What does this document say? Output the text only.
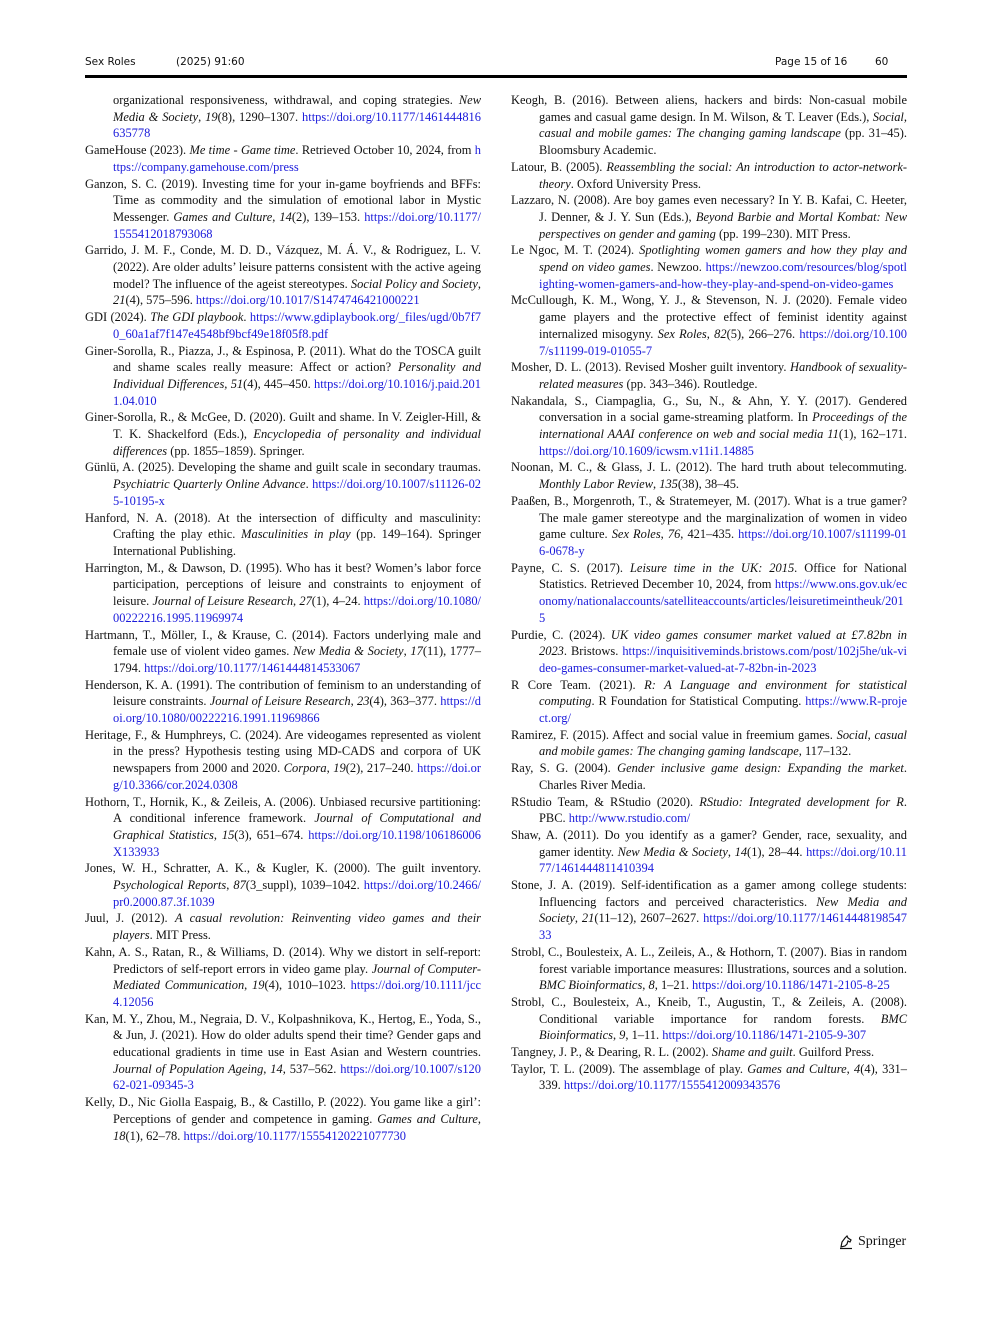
Sex Roles	(2025) 91:60	Page 15 of 16	60

organizational responsiveness, withdrawal, and coping strategies. New Media & Society, 19(8), 1290–1307. https://doi.org/10.1177/1461444816635778

GameHouse (2023). Me time - Game time. Retrieved October 10, 2024, from https://company.gamehouse.com/press

Ganzon, S. C. (2019). Investing time for your in-game boyfriends and BFFs: Time as commodity and the simulation of emotional labor in Mystic Messenger. Games and Culture, 14(2), 139–153. https://doi.org/10.1177/1555412018793068

Garrido, J. M. F., Conde, M. D. D., Vázquez, M. Á. V., & Rodriguez, L. V. (2022). Are older adults’ leisure patterns consistent with the active ageing model? The influence of the ageist stereotypes. Social Policy and Society, 21(4), 575–596. https://doi.org/10.1017/S1474746421000221

GDI (2024). The GDI playbook. https://www.gdiplaybook.org/_files/ugd/0b7f70_60a1af7f147e4548bf9bcf49e18f05f8.pdf

Giner-Sorolla, R., Piazza, J., & Espinosa, P. (2011). What do the TOSCA guilt and shame scales really measure: Affect or action? Personality and Individual Differences, 51(4), 445–450. https://doi.org/10.1016/j.paid.2011.04.010

Giner-Sorolla, R., & McGee, D. (2020). Guilt and shame. In V. Zeigler-Hill, & T. K. Shackelford (Eds.), Encyclopedia of personality and individual differences (pp. 1855–1859). Springer.

Günlü, A. (2025). Developing the shame and guilt scale in secondary traumas. Psychiatric Quarterly Online Advance. https://doi.org/10.1007/s11126-025-10195-x

Hanford, N. A. (2018). At the intersection of difficulty and masculinity: Crafting the play ethic. Masculinities in play (pp. 149–164). Springer International Publishing.

Harrington, M., & Dawson, D. (1995). Who has it best? Women’s labor force participation, perceptions of leisure and constraints to enjoyment of leisure. Journal of Leisure Research, 27(1), 4–24. https://doi.org/10.1080/00222216.1995.11969974

Hartmann, T., Möller, I., & Krause, C. (2014). Factors underlying male and female use of violent video games. New Media & Society, 17(11), 1777–1794. https://doi.org/10.1177/1461444814533067

Henderson, K. A. (1991). The contribution of feminism to an understanding of leisure constraints. Journal of Leisure Research, 23(4), 363–377. https://doi.org/10.1080/00222216.1991.11969866

Heritage, F., & Humphreys, C. (2024). Are videogames represented as violent in the press? Hypothesis testing using MD-CADS and corpora of UK newspapers from 2000 and 2020. Corpora, 19(2), 217–240. https://doi.org/10.3366/cor.2024.0308

Hothorn, T., Hornik, K., & Zeileis, A. (2006). Unbiased recursive partitioning: A conditional inference framework. Journal of Computational and Graphical Statistics, 15(3), 651–674. https://doi.org/10.1198/106186006X133933

Jones, W. H., Schratter, A. K., & Kugler, K. (2000). The guilt inventory. Psychological Reports, 87(3_suppl), 1039–1042. https://doi.org/10.2466/pr0.2000.87.3f.1039

Juul, J. (2012). A casual revolution: Reinventing video games and their players. MIT Press.

Kahn, A. S., Ratan, R., & Williams, D. (2014). Why we distort in self-report: Predictors of self-report errors in video game play. Journal of Computer-Mediated Communication, 19(4), 1010–1023. https://doi.org/10.1111/jcc4.12056

Kan, M. Y., Zhou, M., Negraia, D. V., Kolpashnikova, K., Hertog, E., Yoda, S., & Jun, J. (2021). How do older adults spend their time? Gender gaps and educational gradients in time use in East Asian and Western countries. Journal of Population Ageing, 14, 537–562. https://doi.org/10.1007/s12062-021-09345-3

Kelly, D., Nic Giolla Easpaig, B., & Castillo, P. (2022). You game like a girl’: Perceptions of gender and competence in gaming. Games and Culture, 18(1), 62–78. https://doi.org/10.1177/15554120221077730

Keogh, B. (2016). Between aliens, hackers and birds: Non-casual mobile games and casual game design. In M. Wilson, & T. Leaver (Eds.), Social, casual and mobile games: The changing gaming landscape (pp. 31–45). Bloomsbury Academic.

Latour, B. (2005). Reassembling the social: An introduction to actor-network-theory. Oxford University Press.

Lazzaro, N. (2008). Are boy games even necessary? In Y. B. Kafai, C. Heeter, J. Denner, & J. Y. Sun (Eds.), Beyond Barbie and Mortal Kombat: New perspectives on gender and gaming (pp. 199–230). MIT Press.

Le Ngoc, M. T. (2024). Spotlighting women gamers and how they play and spend on video games. Newzoo. https://newzoo.com/resources/blog/spotlighting-women-gamers-and-how-they-play-and-spend-on-video-games

McCullough, K. M., Wong, Y. J., & Stevenson, N. J. (2020). Female video game players and the protective effect of feminist identity against internalized misogyny. Sex Roles, 82(5), 266–276. https://doi.org/10.1007/s11199-019-01055-7

Mosher, D. L. (2013). Revised Mosher guilt inventory. Handbook of sexuality-related measures (pp. 343–346). Routledge.

Nakandala, S., Ciampaglia, G., Su, N., & Ahn, Y. Y. (2017). Gendered conversation in a social game-streaming platform. In Proceedings of the international AAAI conference on web and social media 11(1), 162–171. https://doi.org/10.1609/icwsm.v11i1.14885

Noonan, M. C., & Glass, J. L. (2012). The hard truth about telecommuting. Monthly Labor Review, 135(38), 38–45.

Paaßen, B., Morgenroth, T., & Stratemeyer, M. (2017). What is a true gamer? The male gamer stereotype and the marginalization of women in video game culture. Sex Roles, 76, 421–435. https://doi.org/10.1007/s11199-016-0678-y

Payne, C. S. (2017). Leisure time in the UK: 2015. Office for National Statistics. Retrieved December 10, 2024, from https://www.ons.gov.uk/economy/nationalaccounts/satelliteaccounts/articles/leisuretimeintheuk/2015

Purdie, C. (2024). UK video games consumer market valued at £7.82bn in 2023. Bristows. https://inquisitiveminds.bristows.com/post/102j5he/uk-video-games-consumer-market-valued-at-7-82bn-in-2023

R Core Team. (2021). R: A Language and environment for statistical computing. R Foundation for Statistical Computing. https://www.R-project.org/

Ramirez, F. (2015). Affect and social value in freemium games. Social, casual and mobile games: The changing gaming landscape, 117–132.

Ray, S. G. (2004). Gender inclusive game design: Expanding the market. Charles River Media.

RStudio Team, & RStudio (2020). RStudio: Integrated development for R. PBC. http://www.rstudio.com/

Shaw, A. (2011). Do you identify as a gamer? Gender, race, sexuality, and gamer identity. New Media & Society, 14(1), 28–44. https://doi.org/10.1177/1461444811410394

Stone, J. A. (2019). Self-identification as a gamer among college students: Influencing factors and perceived characteristics. New Media and Society, 21(11–12), 2607–2627. https://doi.org/10.1177/1461444819854733

Strobl, C., Boulesteix, A. L., Zeileis, A., & Hothorn, T. (2007). Bias in random forest variable importance measures: Illustrations, sources and a solution. BMC Bioinformatics, 8, 1–21. https://doi.org/10.1186/1471-2105-8-25

Strobl, C., Boulesteix, A., Kneib, T., Augustin, T., & Zeileis, A. (2008). Conditional variable importance for random forests. BMC Bioinformatics, 9, 1–11. https://doi.org/10.1186/1471-2105-9-307

Tangney, J. P., & Dearing, R. L. (2002). Shame and guilt. Guilford Press.

Taylor, T. L. (2009). The assemblage of play. Games and Culture, 4(4), 331–339. https://doi.org/10.1177/1555412009343576

Springer
